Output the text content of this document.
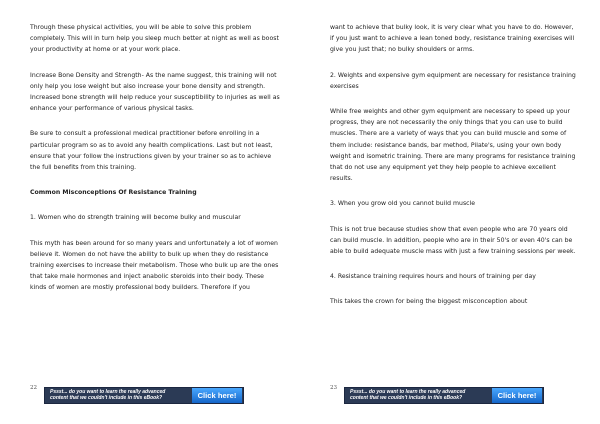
Through these physical activities, you will be able to solve this problem completely. This will in turn help you sleep much better at night as well as boost your productivity at home or at your work place.

Increase Bone Density and Strength- As the name suggest, this training will not only help you lose weight but also increase your bone density and strength. Increased bone strength will help reduce your susceptibility to injuries as well as enhance your performance of various physical tasks.

Be sure to consult a professional medical practitioner before enrolling in a particular program so as to avoid any health complications. Last but not least, ensure that your follow the instructions given by your trainer so as to achieve the full benefits from this training.

Common Misconceptions Of Resistance Training

1. Women who do strength training will become bulky and muscular

This myth has been around for so many years and unfortunately a lot of women believe it. Women do not have the ability to bulk up when they do resistance training exercises to increase their metabolism. Those who bulk up are the ones that take male hormones and inject anabolic steroids into their body. These kinds of women are mostly professional body builders. Therefore if you

22
Pssst... do you want to learn the really advanced
content that we couldn't include in this eBook?	Click here!

want to achieve that bulky look, it is very clear what you have to do. However, if you just want to achieve a lean toned body, resistance training exercises will give you just that; no bulky shoulders or arms.

2. Weights and expensive gym equipment are necessary for resistance training exercises

While free weights and other gym equipment are necessary to speed up your progress, they are not necessarily the only things that you can use to build muscles. There are a variety of ways that you can build muscle and some of them include: resistance bands, bar method, Pilate's, using your own body weight and isometric training. There are many programs for resistance training that do not use any equipment yet they help people to achieve excellent results.

3. When you grow old you cannot build muscle

This is not true because studies show that even people who are 70 years old can build muscle. In addition, people who are in their 50's or even 40's can be able to build adequate muscle mass with just a few training sessions per week.

4. Resistance training requires hours and hours of training per day

This takes the crown for being the biggest misconception about

23
Pssst... do you want to learn the really advanced
content that we couldn't include in this eBook?	Click here!
